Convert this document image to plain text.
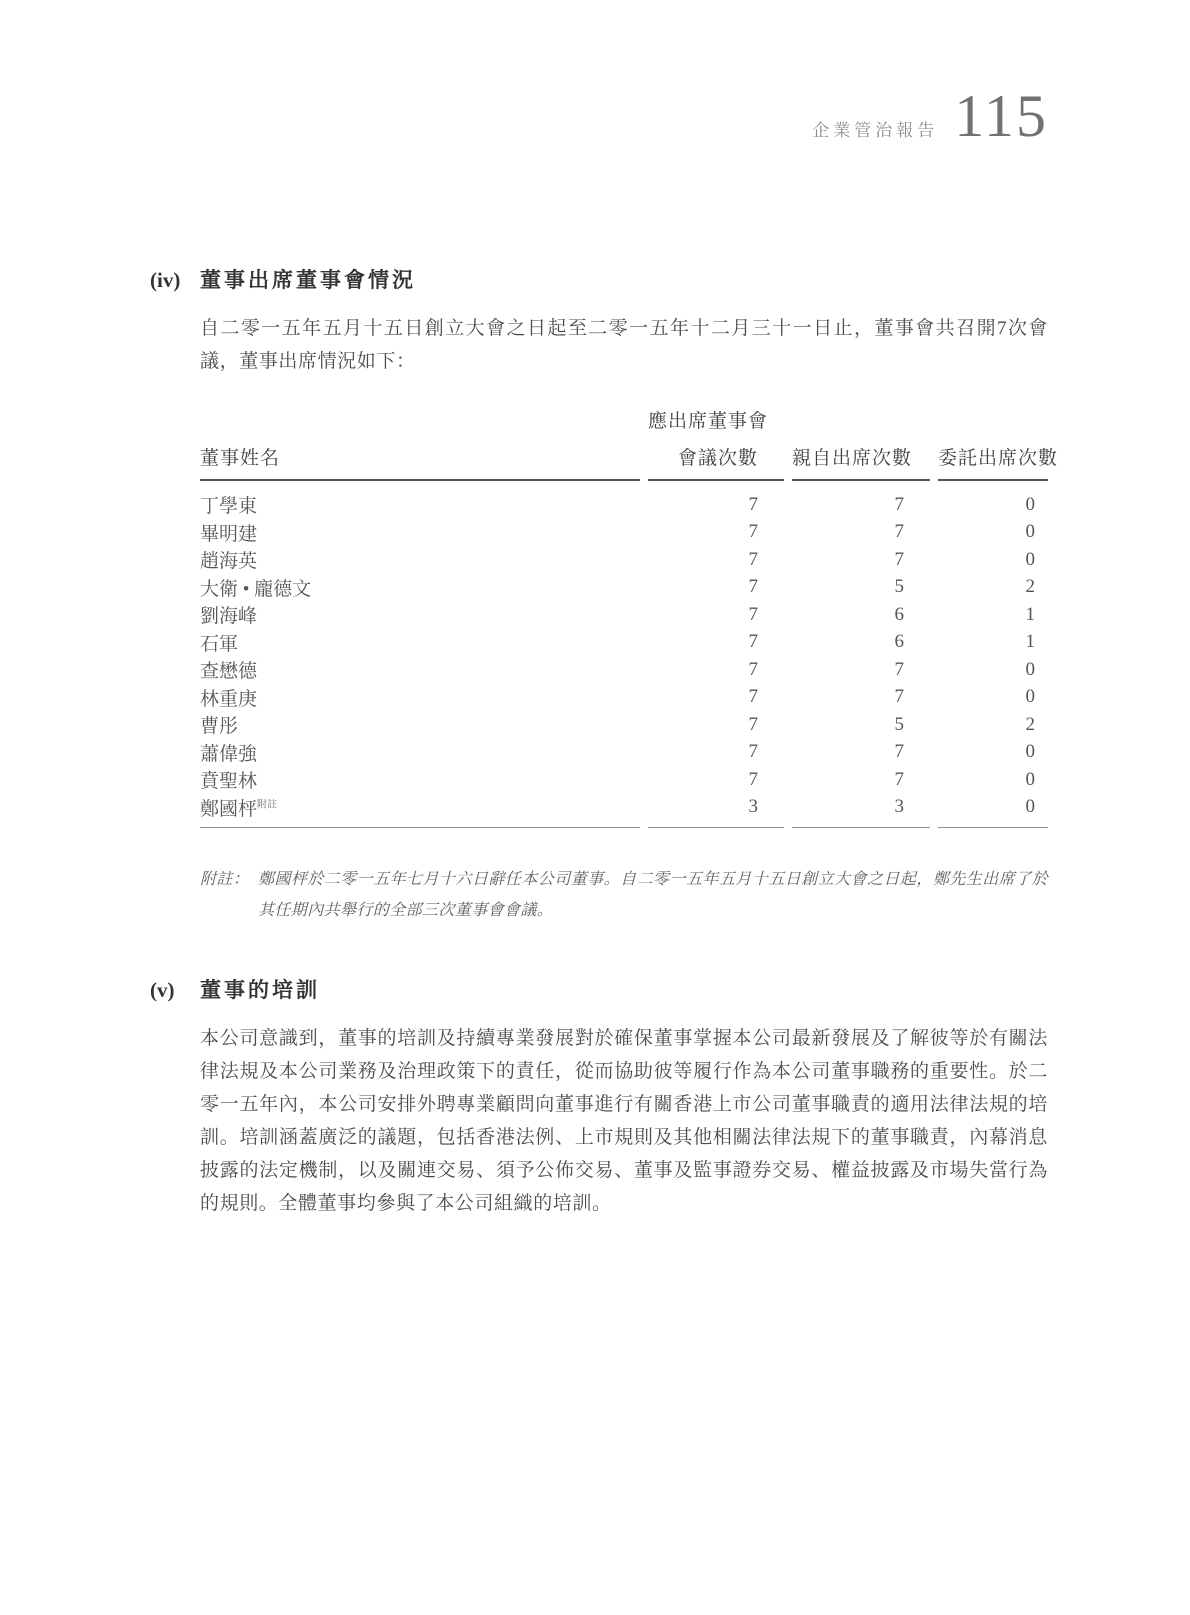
企業管治報告 115
(iv) 董事出席董事會情況

自二零一五年五月十五日創立大會之日起至二零一五年十二月三十一日止，董事會共召開7次會議，董事出席情況如下：

	應出席董事會		
董事姓名	會議次數	親自出席次數	委託出席次數
丁學東	7	7	0
畢明建	7	7	0
趙海英	7	7	0
大衛 • 龐德文	7	5	2
劉海峰	7	6	1
石軍	7	6	1
查懋德	7	7	0
林重庚	7	7	0
曹彤	7	5	2
蕭偉強	7	7	0
賁聖林	7	7	0
鄭國枰$^{附註}$	3	3	0
附註： 鄭國枰於二零一五年七月十六日辭任本公司董事。自二零一五年五月十五日創立大會之日起，鄭先生出席了於其任期內共舉行的全部三次董事會會議。
(v)	董事的培訓

本公司意識到，董事的培訓及持續專業發展對於確保董事掌握本公司最新發展及了解彼等於有關法律法規及本公司業務及治理政策下的責任，從而協助彼等履行作為本公司董事職務的重要性。於二零一五年內，本公司安排外聘專業顧問向董事進行有關香港上市公司董事職責的適用法律法規的培訓。培訓涵蓋廣泛的議題，包括香港法例、上市規則及其他相關法律法規下的董事職責，內幕消息披露的法定機制，以及關連交易、須予公佈交易、董事及監事證券交易、權益披露及市場失當行為的規則。全體董事均參與了本公司組織的培訓。
